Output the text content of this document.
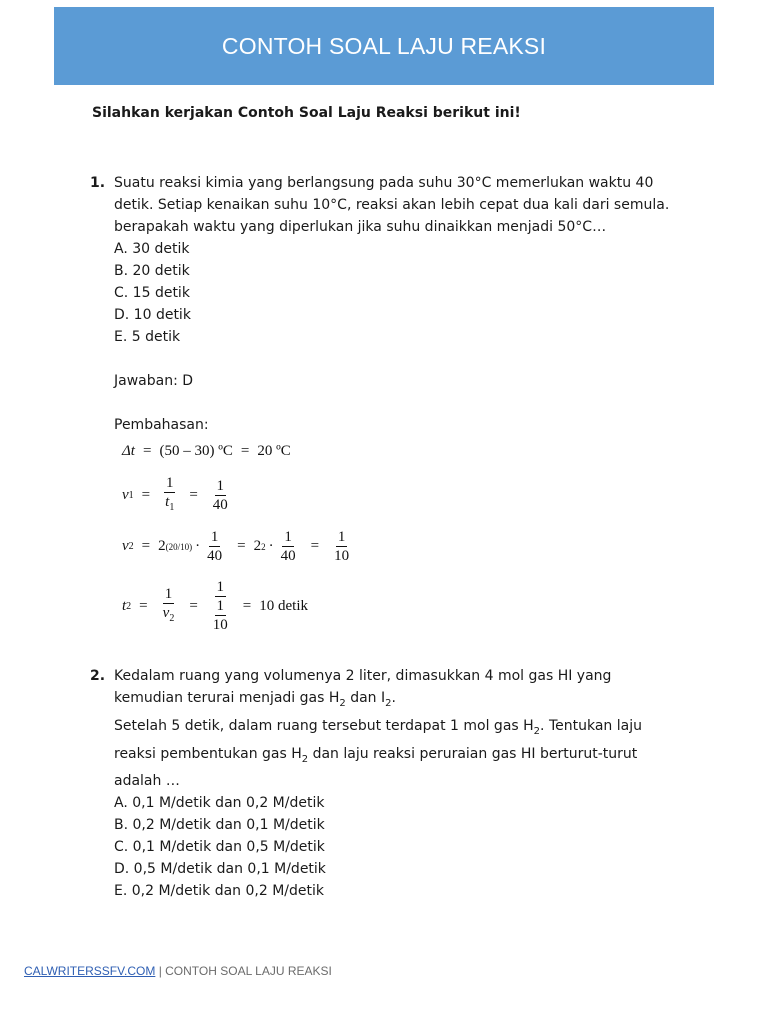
CONTOH SOAL LAJU REAKSI
Silahkan kerjakan Contoh Soal Laju Reaksi berikut ini!
1. Suatu reaksi kimia yang berlangsung pada suhu 30°C memerlukan waktu 40
detik. Setiap kenaikan suhu 10°C, reaksi akan lebih cepat dua kali dari semula.
berapakah waktu yang diperlukan jika suhu dinaikkan menjadi 50°C…
A. 30 detik
B. 20 detik
C. 15 detik
D. 10 detik
E. 5 detik
Jawaban: D
Pembahasan:
Δt = (50 – 30) ºC = 20 ºC
v $1 = \frac{1}{t_1} = \frac{1}{40}$
v 2 = 2 $(20/10) \cdot \frac{1}{40} = 2$ $2 \cdot \frac{1}{40} = \frac{1}{10}$
t $2 = \frac{1}{v_2} = 1$
1
10 = 10 detik
2. Kedalam ruang yang volumenya 2 liter, dimasukkan 4 mol gas HI yang
kemudian terurai menjadi gas $H_2$ dan $I_2$.
Setelah 5 detik, dalam ruang tersebut terdapat 1 mol gas $H_2$. Tentukan laju
reaksi pembentukan gas $H_2$ dan laju reaksi peruraian gas HI berturut-turut
adalah …
A. 0,1 M/detik dan 0,2 M/detik
B. 0,2 M/detik dan 0,1 M/detik
C. 0,1 M/detik dan 0,5 M/detik
D. 0,5 M/detik dan 0,1 M/detik
E. 0,2 M/detik dan 0,2 M/detik
CALWRITERSSFV.COM | CONTOH SOAL LAJU REAKSI
